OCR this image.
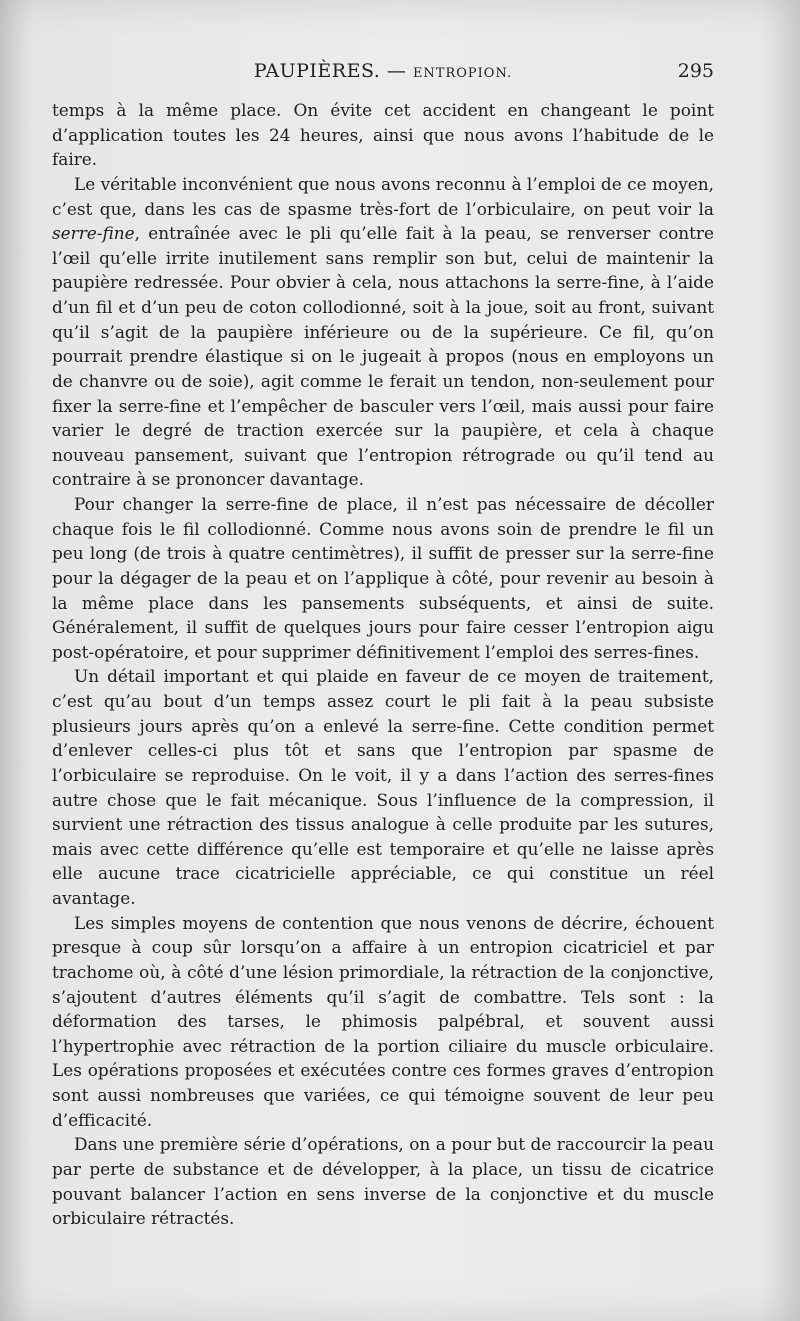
PAUPIÈRES. — ENTROPION.	295

temps à la même place. On évite cet accident en changeant le point d’application toutes les 24 heures, ainsi que nous avons l’habitude de le faire.

Le véritable inconvénient que nous avons reconnu à l’emploi de ce moyen, c’est que, dans les cas de spasme très-fort de l’orbiculaire, on peut voir la serre-fine, entraînée avec le pli qu’elle fait à la peau, se renverser contre l’œil qu’elle irrite inutilement sans remplir son but, celui de maintenir la paupière redressée. Pour obvier à cela, nous attachons la serre-fine, à l’aide d’un fil et d’un peu de coton collodionné, soit à la joue, soit au front, suivant qu’il s’agit de la paupière inférieure ou de la supérieure. Ce fil, qu’on pourrait prendre élastique si on le jugeait à propos (nous en employons un de chanvre ou de soie), agit comme le ferait un tendon, non-seulement pour fixer la serre-fine et l’empêcher de basculer vers l’œil, mais aussi pour faire varier le degré de traction exercée sur la paupière, et cela à chaque nouveau pansement, suivant que l’entropion rétrograde ou qu’il tend au contraire à se prononcer davantage.

Pour changer la serre-fine de place, il n’est pas nécessaire de décoller chaque fois le fil collodionné. Comme nous avons soin de prendre le fil un peu long (de trois à quatre centimètres), il suffit de presser sur la serre-fine pour la dégager de la peau et on l’applique à côté, pour revenir au besoin à la même place dans les pansements subséquents, et ainsi de suite. Généralement, il suffit de quelques jours pour faire cesser l’entropion aigu post-opératoire, et pour supprimer définitivement l’emploi des serres-fines.

Un détail important et qui plaide en faveur de ce moyen de traitement, c’est qu’au bout d’un temps assez court le pli fait à la peau subsiste plusieurs jours après qu’on a enlevé la serre-fine. Cette condition permet d’enlever celles-ci plus tôt et sans que l’entropion par spasme de l’orbiculaire se reproduise. On le voit, il y a dans l’action des serres-fines autre chose que le fait mécanique. Sous l’influence de la compression, il survient une rétraction des tissus analogue à celle produite par les sutures, mais avec cette différence qu’elle est temporaire et qu’elle ne laisse après elle aucune trace cicatricielle appréciable, ce qui constitue un réel avantage.

Les simples moyens de contention que nous venons de décrire, échouent presque à coup sûr lorsqu’on a affaire à un entropion cicatriciel et par trachome où, à côté d’une lésion primordiale, la rétraction de la conjonctive, s’ajoutent d’autres éléments qu’il s’agit de combattre. Tels sont : la déformation des tarses, le phimosis palpébral, et souvent aussi l’hypertrophie avec rétraction de la portion ciliaire du muscle orbiculaire. Les opérations proposées et exécutées contre ces formes graves d’entropion sont aussi nombreuses que variées, ce qui témoigne souvent de leur peu d’efficacité.

Dans une première série d’opérations, on a pour but de raccourcir la peau par perte de substance et de développer, à la place, un tissu de cicatrice pouvant balancer l’action en sens inverse de la conjonctive et du muscle orbiculaire rétractés.
